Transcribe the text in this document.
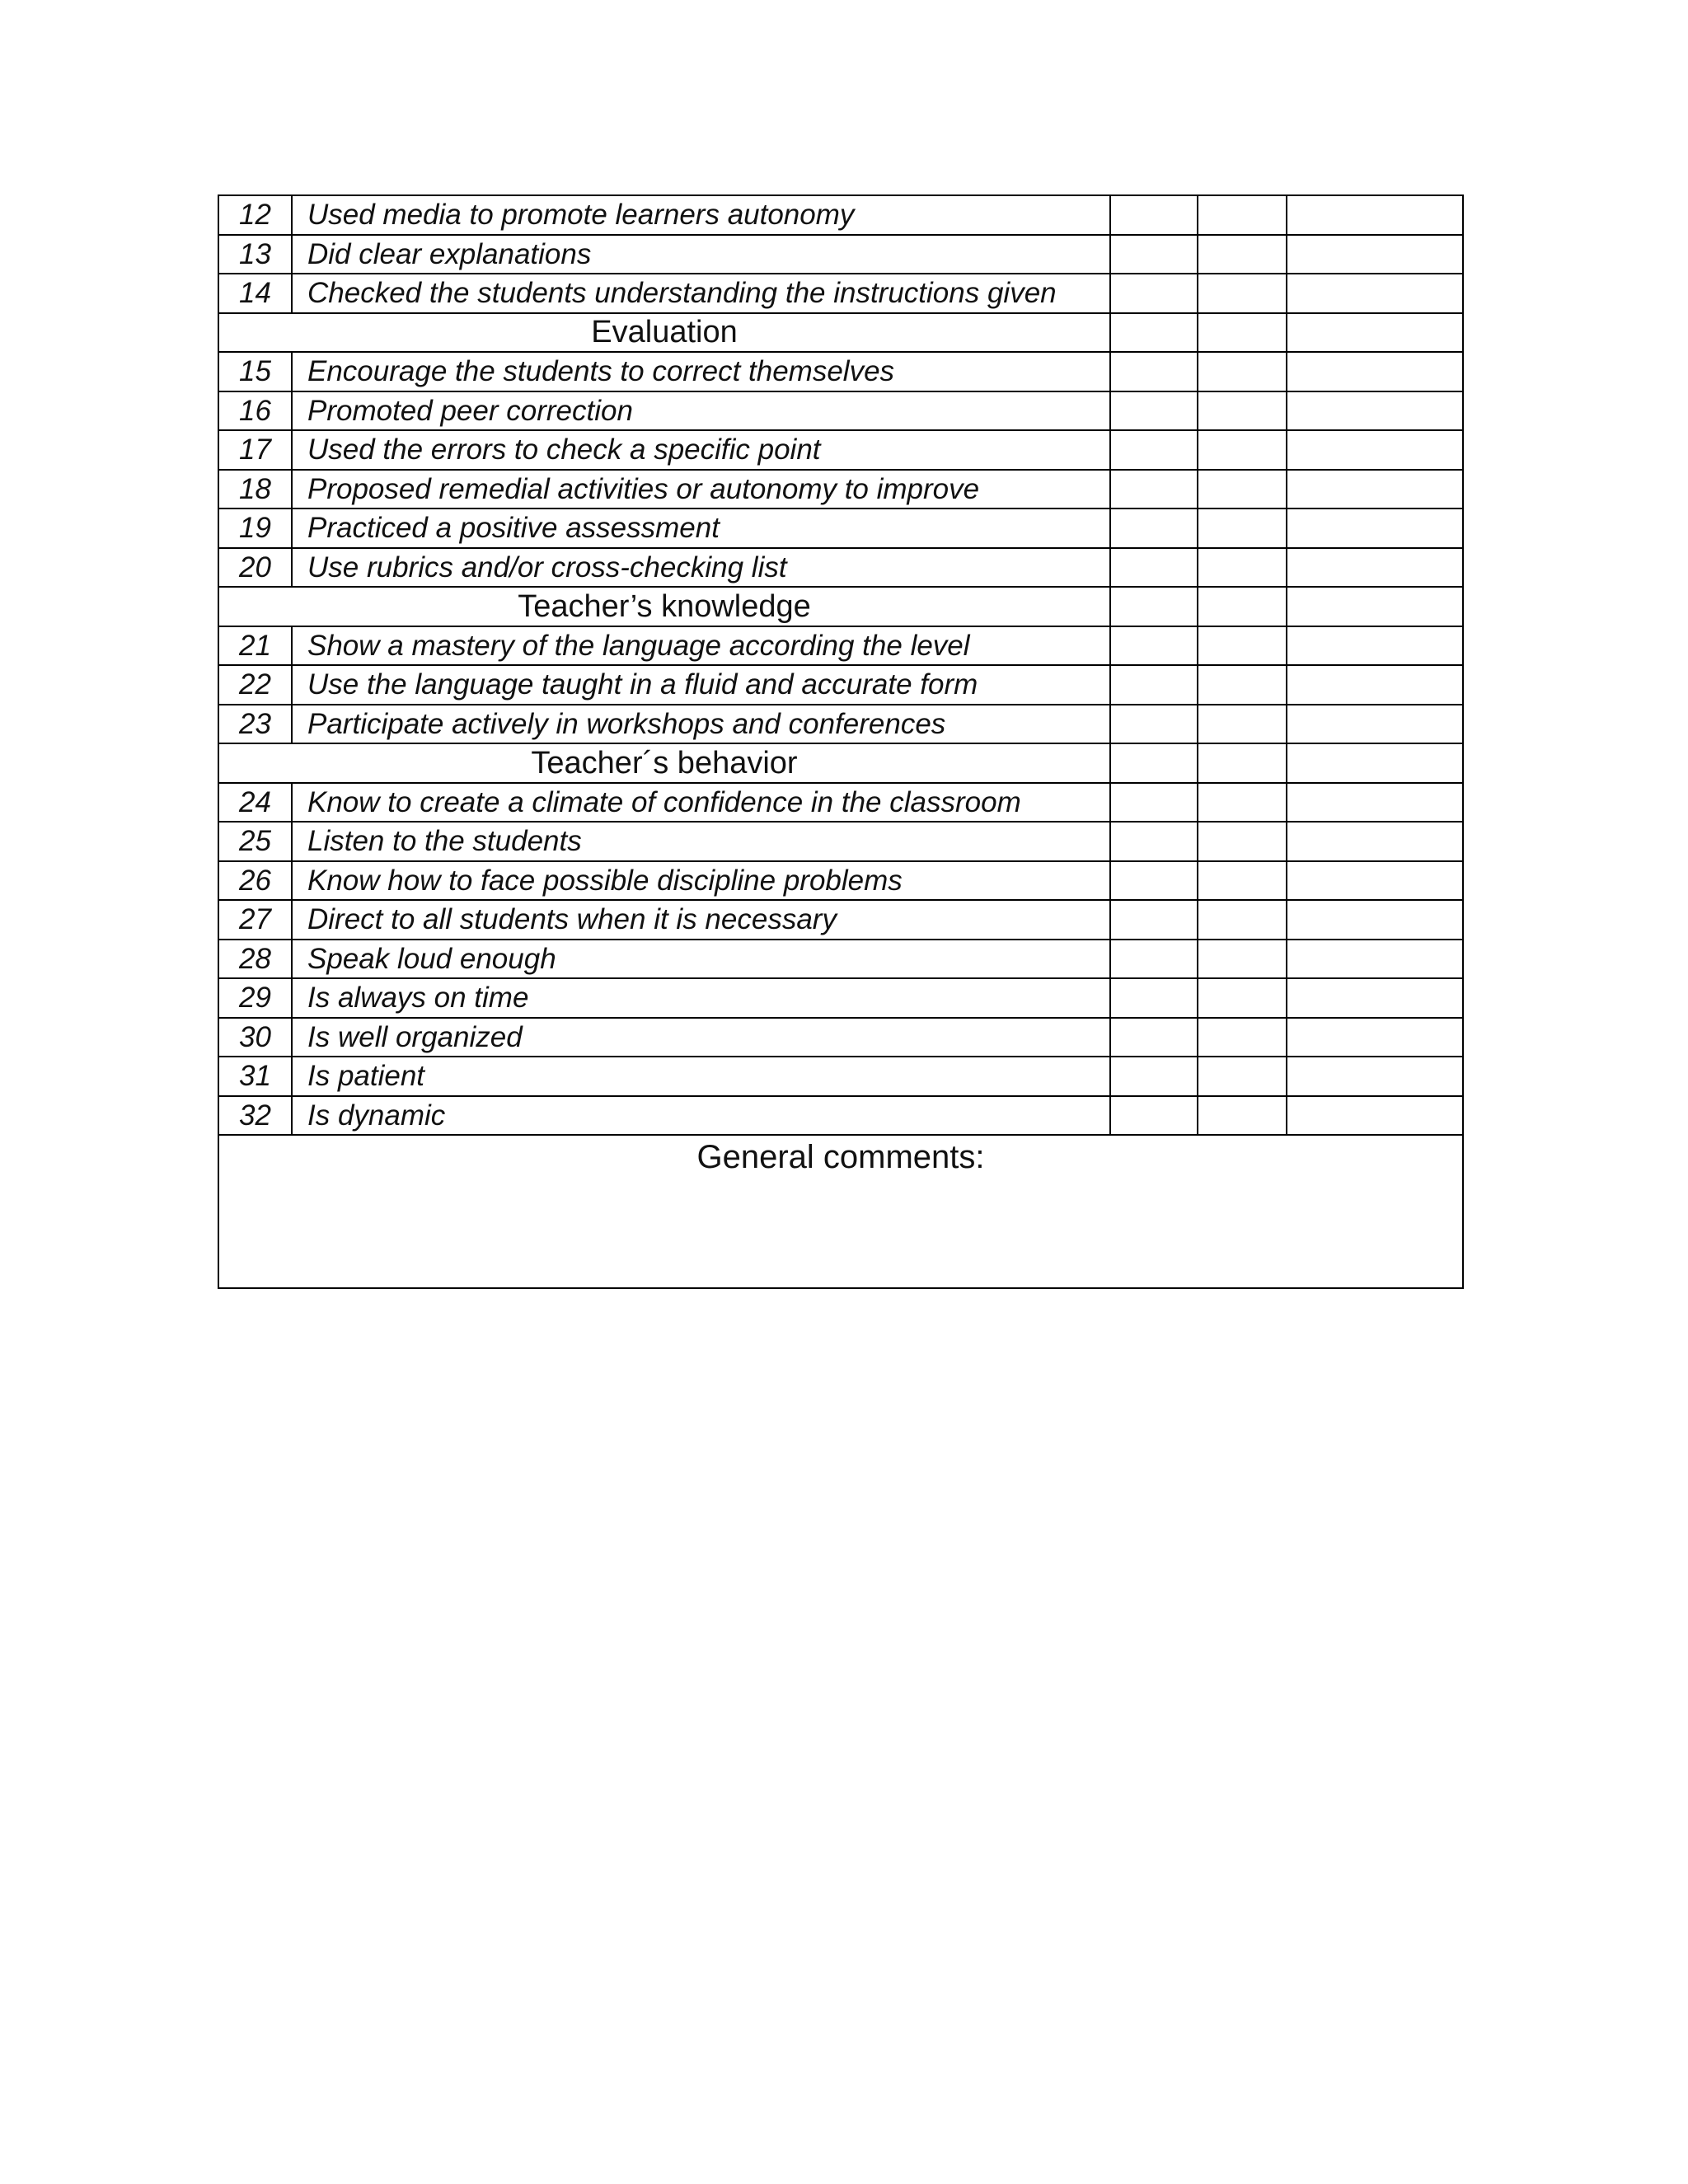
12	Used media to promote learners autonomy			
13	Did clear explanations			
14	Checked the students understanding the instructions given			
Evaluation				
15	Encourage the students to correct themselves			
16	Promoted peer correction			
17	Used the errors to check a specific point			
18	Proposed remedial activities or autonomy to improve			
19	Practiced a positive assessment			
20	Use rubrics and/or cross-checking list			
Teacher’s knowledge				
21	Show a mastery of the language according the level			
22	Use the language taught in a fluid and accurate form			
23	Participate actively in workshops and conferences			
Teacher´s behavior				
24	Know to create a climate of confidence in the classroom			
25	Listen to the students			
26	Know how to face possible discipline problems			
27	Direct to all students when it is necessary			
28	Speak loud enough			
29	Is always on time			
30	Is well organized			
31	Is patient			
32	Is dynamic			
General comments:				
